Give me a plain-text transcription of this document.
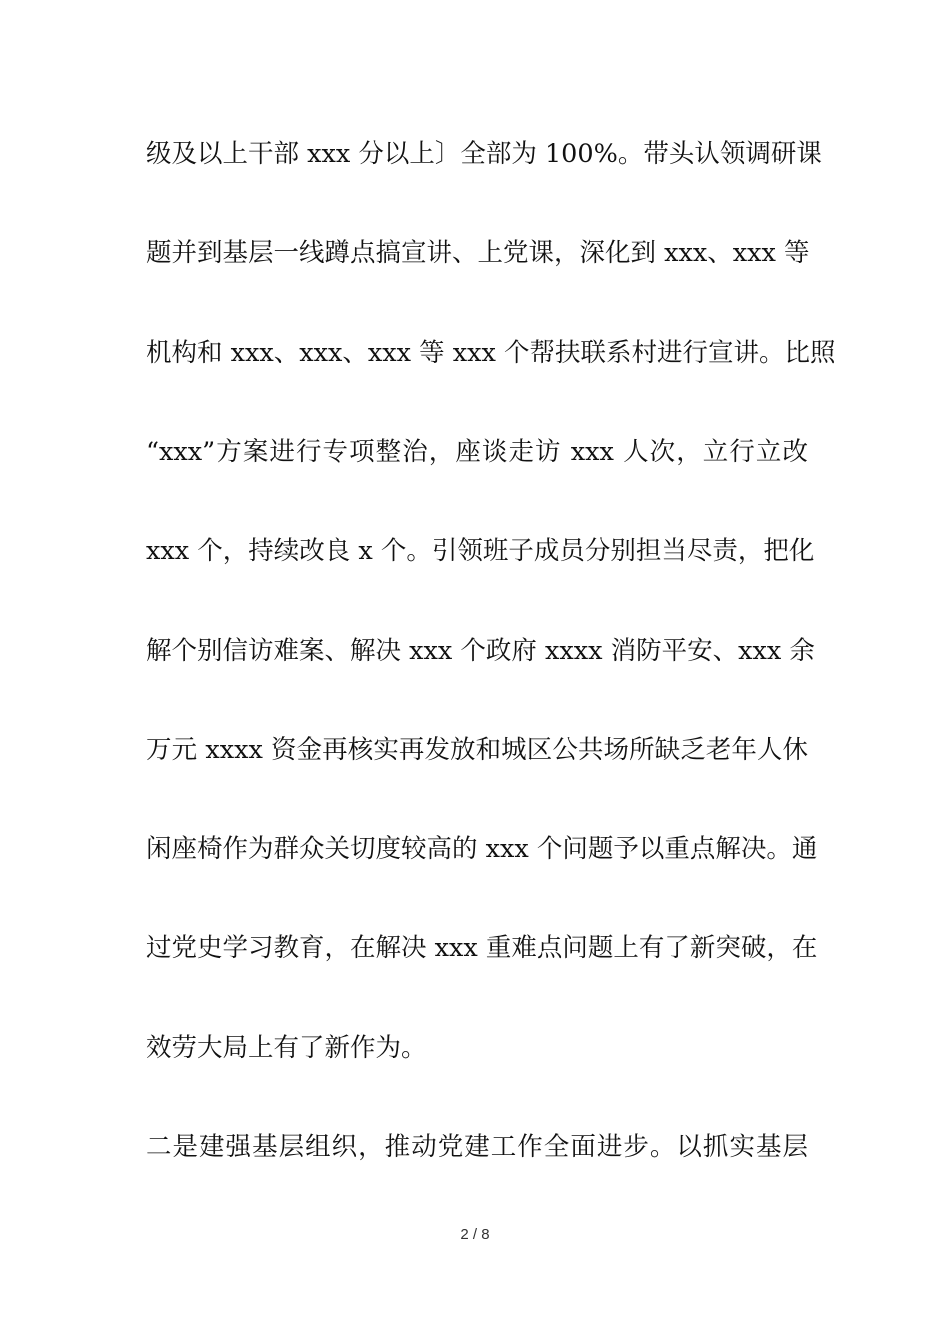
级及以上干部 xxx 分以上〕全部为 100%。带头认领调研课
题并到基层一线蹲点搞宣讲、上党课，深化到 xxx、xxx 等
机构和 xxx、xxx、xxx 等 xxx 个帮扶联系村进行宣讲。比照
“xxx”方案进行专项整治，座谈走访 xxx 人次，立行立改
xxx 个，持续改良 x 个。引领班子成员分别担当尽责，把化
解个别信访难案、解决 xxx 个政府 xxxx 消防平安、xxx 余
万元 xxxx 资金再核实再发放和城区公共场所缺乏老年人休
闲座椅作为群众关切度较高的 xxx 个问题予以重点解决。通
过党史学习教育，在解决 xxx 重难点问题上有了新突破，在
效劳大局上有了新作为。
二是建强基层组织，推动党建工作全面进步。以抓实基层
2 / 8
